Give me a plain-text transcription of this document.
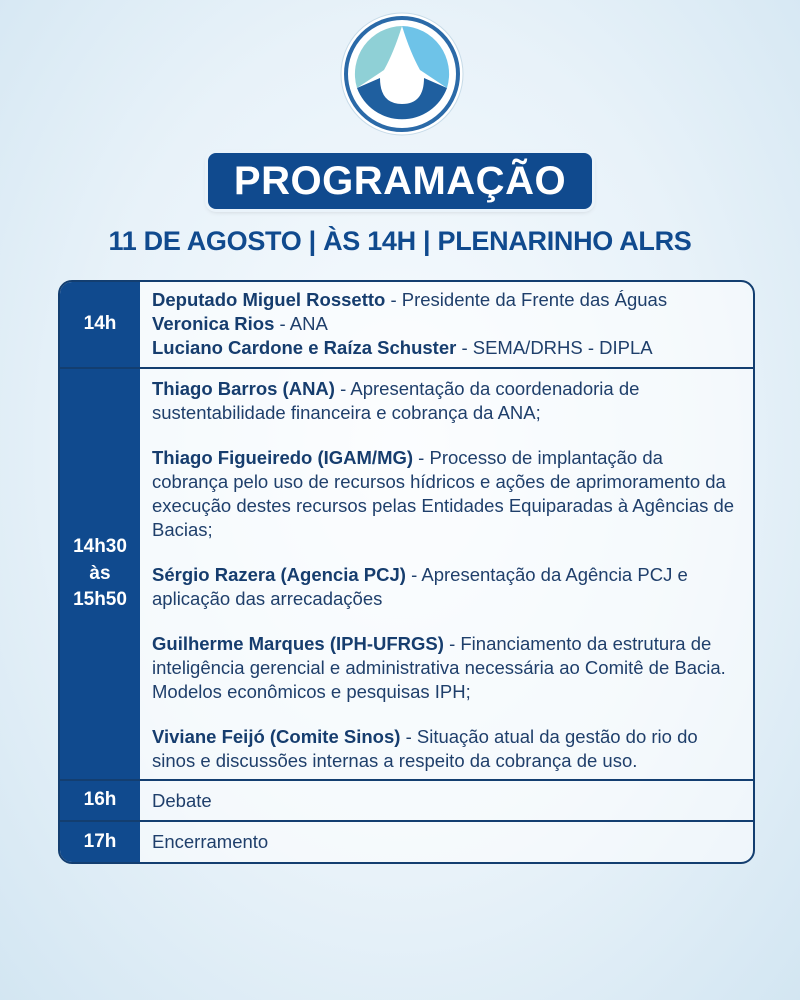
PROGRAMAÇÃO
11 DE AGOSTO | ÀS 14H | PLENARINHO ALRS
14h
Deputado Miguel Rossetto - Presidente da Frente das Águas
Veronica Rios - ANA
Luciano Cardone e Raíza Schuster - SEMA/DRHS - DIPLA
14h30
às
15h50
Thiago Barros (ANA) - Apresentação da coordenadoria de sustentabilidade financeira e cobrança da ANA;
Thiago Figueiredo (IGAM/MG) - Processo de implantação da cobrança pelo uso de recursos hídricos e ações de aprimoramento da execução destes recursos pelas Entidades Equiparadas à Agências de Bacias;
Sérgio Razera (Agencia PCJ) - Apresentação da Agência PCJ e aplicação das arrecadações
Guilherme Marques (IPH-UFRGS) - Financiamento da estrutura de inteligência gerencial e administrativa necessária ao Comitê de Bacia. Modelos econômicos e pesquisas IPH;
Viviane Feijó (Comite Sinos) - Situação atual da gestão do rio do sinos e discussões internas a respeito da cobrança de uso.
16h	Debate
17h	Encerramento
